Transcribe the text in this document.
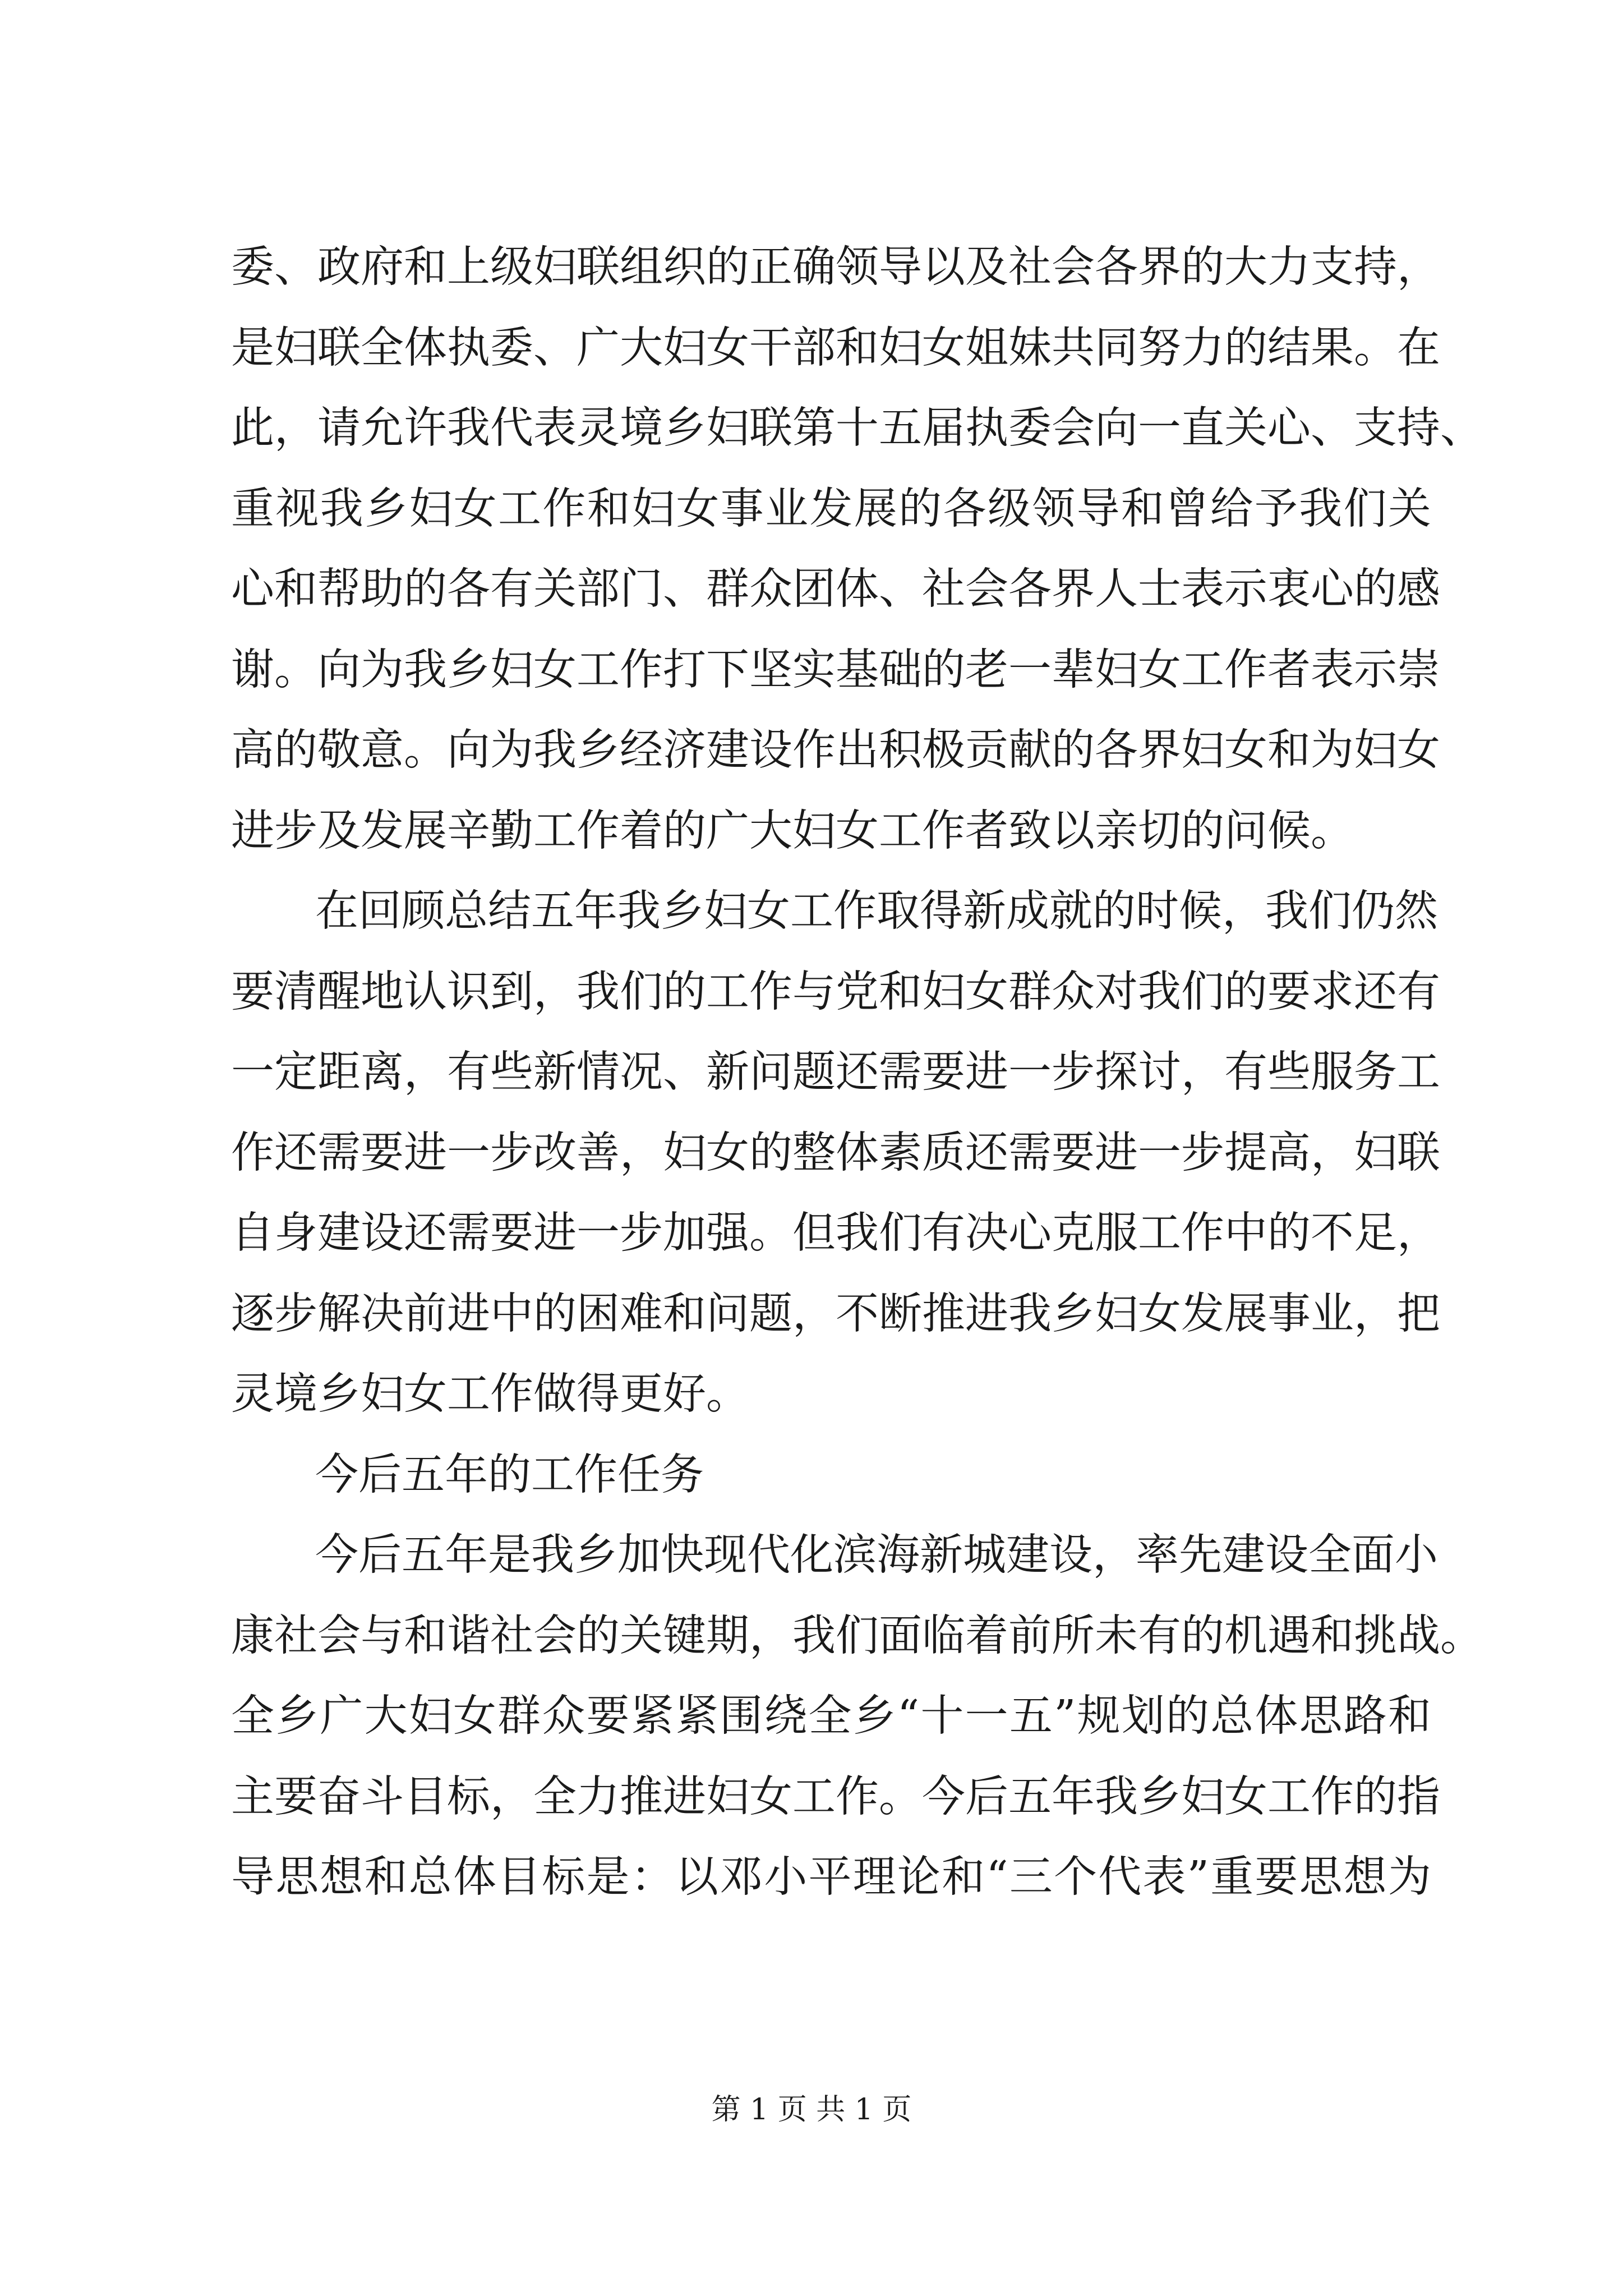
委、政府和上级妇联组织的正确领导以及社会各界的大力支持，
是妇联全体执委、广大妇女干部和妇女姐妹共同努力的结果。在
此，请允许我代表灵境乡妇联第十五届执委会向一直关心、支持、
重视我乡妇女工作和妇女事业发展的各级领导和曾给予我们关
心和帮助的各有关部门、群众团体、社会各界人士表示衷心的感
谢。向为我乡妇女工作打下坚实基础的老一辈妇女工作者表示崇
高的敬意。向为我乡经济建设作出积极贡献的各界妇女和为妇女
进步及发展辛勤工作着的广大妇女工作者致以亲切的问候。
在回顾总结五年我乡妇女工作取得新成就的时候，我们仍然
要清醒地认识到，我们的工作与党和妇女群众对我们的要求还有
一定距离，有些新情况、新问题还需要进一步探讨，有些服务工
作还需要进一步改善，妇女的整体素质还需要进一步提高，妇联
自身建设还需要进一步加强。但我们有决心克服工作中的不足，
逐步解决前进中的困难和问题，不断推进我乡妇女发展事业，把
灵境乡妇女工作做得更好。
今后五年的工作任务
今后五年是我乡加快现代化滨海新城建设，率先建设全面小
康社会与和谐社会的关键期，我们面临着前所未有的机遇和挑战。
全乡广大妇女群众要紧紧围绕全乡“十一五”规划的总体思路和
主要奋斗目标，全力推进妇女工作。今后五年我乡妇女工作的指
导思想和总体目标是：以邓小平理论和“三个代表”重要思想为
第 1 页 共 1 页
